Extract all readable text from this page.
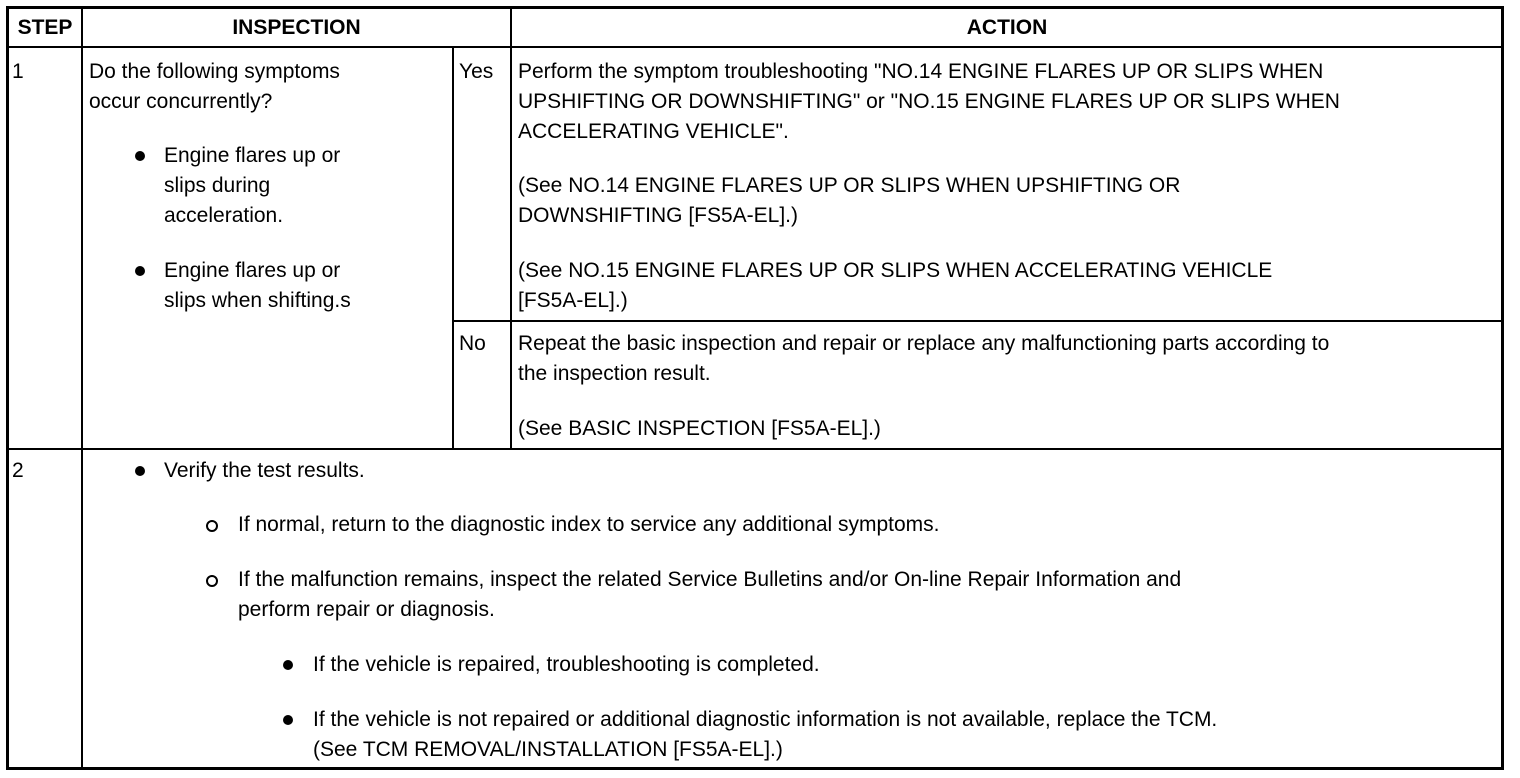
STEP	INSPECTION	ACTION
1	Do the following symptoms
occur concurrently?
Engine flares up or
slips during
acceleration.
Engine flares up or
slips when shifting.s
Yes Perform the symptom troubleshooting "NO.14 ENGINE FLARES UP OR SLIPS WHEN
UPSHIFTING OR DOWNSHIFTING" or "NO.15 ENGINE FLARES UP OR SLIPS WHEN
ACCELERATING VEHICLE".
(See NO.14 ENGINE FLARES UP OR SLIPS WHEN UPSHIFTING OR
DOWNSHIFTING [FS5A-EL].)
(See NO.15 ENGINE FLARES UP OR SLIPS WHEN ACCELERATING VEHICLE
[FS5A-EL].)
No Repeat the basic inspection and repair or replace any malfunctioning parts according to
the inspection result.
(See BASIC INSPECTION [FS5A-EL].)
2	Verify the test results.
If normal, return to the diagnostic index to service any additional symptoms.
If the malfunction remains, inspect the related Service Bulletins and/or On-line Repair Information and
perform repair or diagnosis.
If the vehicle is repaired, troubleshooting is completed.
If the vehicle is not repaired or additional diagnostic information is not available, replace the TCM.
(See TCM REMOVAL/INSTALLATION [FS5A-EL].)
